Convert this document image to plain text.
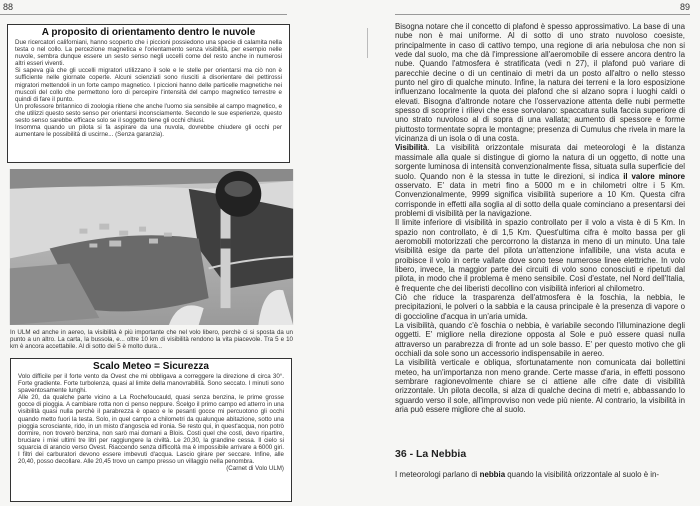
88
A proposito di orientamento dentro le nuvole

Due ricercatori californiani, hanno scoperto che i piccioni possiedono una specie di calamita nella testa o nel collo. La percezione magnetica e l'orientamento senza visibilità, per esempio nelle nuvole, sembra dunque essere un sesto senso negli uccelli come del resto anche in numerosi altri esseri viventi.

Si sapeva già che gli uccelli migratori utilizzano il sole e le stelle per orientarsi ma ciò non è sufficiente nelle giornate coperte. Alcuni scienziati sono riusciti a disorientare dei pettirossi migratori mettendoli in un forte campo magnetico. I piccioni hanno delle particelle magnetiche nei muscoli del collo che permettono loro di percepire l'intensità del campo magnetico terrestre e quindi di fare il punto.

Un professore britannico di zoologia ritiene che anche l'uomo sia sensibile al campo magnetico, e che utilizzi questo sesto senso per orientarsi inconsciamente. Secondo le sue esperienze, questo sesto senso sarebbe efficace solo se il soggetto tiene gli occhi chiusi.

Insomma quando un pilota si fa aspirare da una nuvola, dovrebbe chiudere gli occhi per aumentare le possibilità di uscirne... (Senza garanzia).

In ULM ed anche in aereo, la visibilità è più importante che nel volo libero, perchè ci si sposta da un punto a un altro. La carta, la bussola, e... oltre 10 km di visibilità rendono la vita piacevole. Tra 5 e 10 km è ancora accettabile. Al di sotto dei 5 è molto dura...
Scalo Meteo = Sicurezza

Volo difficile per il forte vento da Ovest che mi obbligava a correggere la direzione di circa 30°. Forte gradiente. Forte turbolenza, quasi al limite della manovrabilità. Sono seccato. I minuti sono spaventosamente lunghi.

Alle 20, da qualche parte vicino a La Rochefoucauld, quasi senza benzina, le prime grosse gocce di pioggia. A cambiare rotta non ci penso neppure. Scelgo il primo campo ed atterro in una visibilità quasi nulla perchè il parabrezza è opaco e le pesanti gocce mi percuotono gli occhi quando metto fuori la testa. Solo, in quel campo a chilometri da qualunque abitazione, sotto una pioggia scrosciante, rido, in un misto d'angoscia ed ironia. Se resto qui, in quest'acqua, non potrò dormire, non troverò benzina, non sarò mai domani a Blois. Costi quel che costi, devo ripartire, bruciare i miei ultimi tre litri per raggiungere la civiltà. Le 20,30, la grandine cessa. Il cielo si squarcia di arancio verso Ovest. Riaccendo senza difficoltà ma è impossibile arrivare a 6000 giri. I filtri dei carburatori devono essere imbevuti d'acqua. Lascio girare per seccare. Infine, alle 20,40, posso decollare. Alle 20,45 trovo un campo presso un villaggio nella penombra.

(Carnet di Volo ULM)

89

Bisogna notare che il concetto di plafond è spesso approssimativo. La base di una nube non è mai uniforme. Al di sotto di uno strato nuvoloso coesiste, principalmente in caso di cattivo tempo, una regione di aria nebulosa che non si vede dal suolo, ma che dà l'impressione all'aeromobile di essere ancora dentro la nube. Quando l'atmosfera è stratificata (vedi n 27), il plafond può variare di parecchie decine o di un centinaio di metri da un posto all'altro o nello stesso punto nel giro di qualche minuto. Infine, la natura dei terreni e la loro esposizione influenzano localmente la quota dei plafond che si alzano sopra i luoghi caldi o elevati. Bisogna d'altronde notare che l'osservazione attenta delle nubi permette spesso di scoprire i rilievi che esse sorvolano: spaccatura sulla faccia superiore di uno strato nuvoloso al di sopra di una vallata; aumento di spessore e forme piuttosto tormentate sopra le montagne; presenza di Cumulus che rivela in mare la vicinanza di un isola o di una costa.

Visibilità. La visibilità orizzontale misurata dai meteorologi è la distanza massimale alla quale si distingue di giorno la natura di un oggetto, di notte una sorgente luminosa di intensità convenzionalmente fissa, situata sulla superficie del suolo. Quando non è la stessa in tutte le direzioni, si indica il valore minore osservato. E' data in metri fino a 5000 m e in chilometri oltre i 5 Km. Convenzionalmente, 9999 significa visibilità superiore a 10 Km. Questa cifra corrisponde in effetti alla soglia al di sotto della quale cominciano a presentarsi dei problemi di visibilità per la navigazione.

Il limite inferiore di visibilità in spazio controllato per il volo a vista è di 5 Km. In spazio non controllato, è di 1,5 Km. Quest'ultima cifra è molto bassa per gli aeromobili motorizzati che percorrono la distanza in meno di un minuto. Una tale visibilità esige da parte del pilota un'attenzione infallibile, una vista acuta e proibisce il volo in certe vallate dove sono tese numerose linee elettriche. In volo libero, invece, la maggior parte dei circuiti di volo sono conosciuti e ripetuti dal pilota, in modo che il problema è meno sensibile. Così d'estate, nel Nord dell'Italia, è frequente che dei liberisti decollino con visibilità inferiori al chilometro.

Ciò che riduce la trasparenza dell'atmosfera è la foschia, la nebbia, le precipitazioni, le polveri o la sabbia e la causa principale è la presenza di vapore o di goccioline d'acqua in un'aria umida.

La visibilità, quando c'è foschia o nebbia, è variabile secondo l'illuminazione degli oggetti. E' migliore nella direzione opposta al Sole e può essere quasi nulla attraverso un parabrezza di fronte ad un sole basso. E' per questo motivo che gli occhiali da sole sono un accessorio indispensabile in aereo.

La visibilità verticale e obliqua, sfortunatamente non comunicata dai bollettini meteo, ha un'importanza non meno grande. Certe masse d'aria, in effetti possono sembrare ragionevolmente chiare se ci attiene alle cifre date di visibilità orizzontale. Un pilota decolla, si alza di qualche decina di metri e, abbassando lo sguardo verso il sole, all'improvviso non vede più niente. Al contrario, la visibilità in aria può essere migliore che al suolo.

36 - La Nebbia

I meteorologi parlano di nebbia quando la visibilità orizzontale al suolo è in-
